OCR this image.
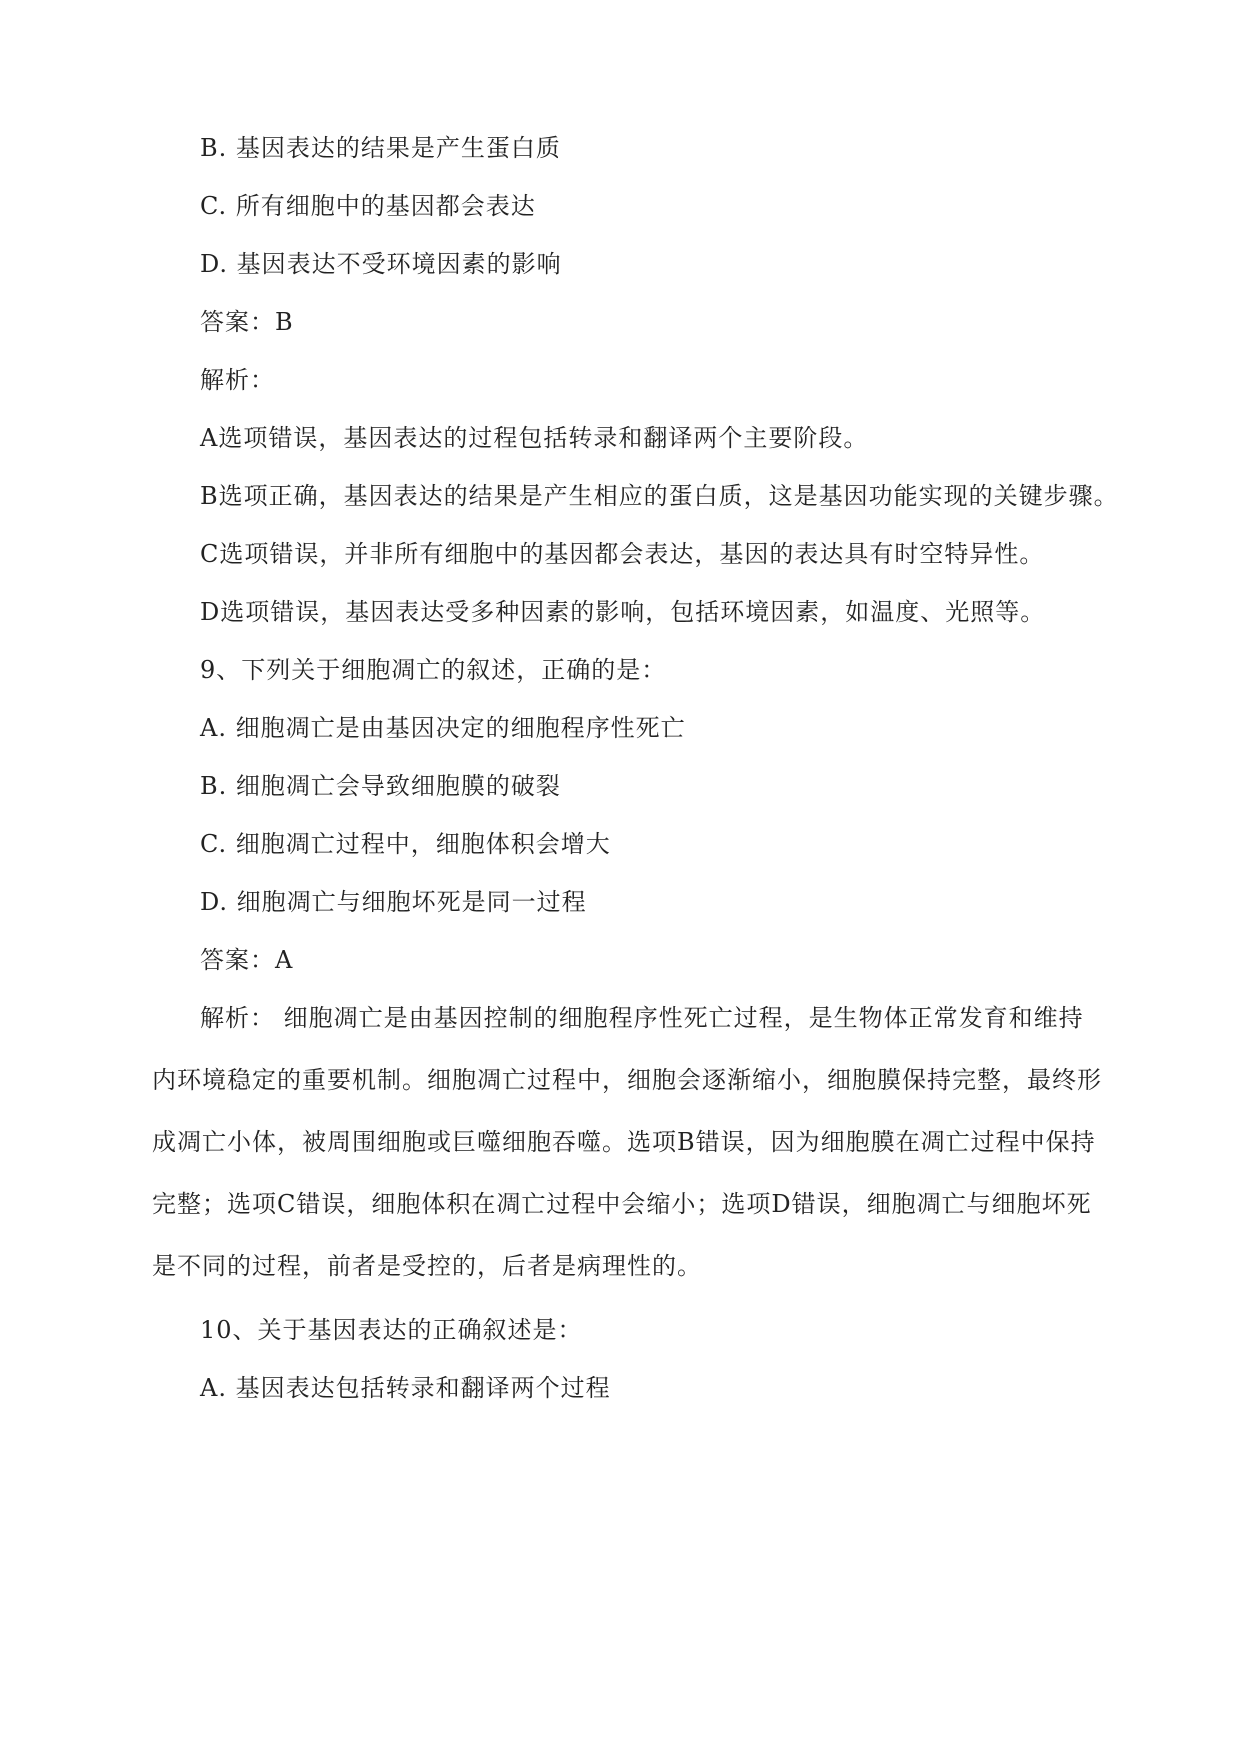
B. 基因表达的结果是产生蛋白质
C. 所有细胞中的基因都会表达
D. 基因表达不受环境因素的影响
答案：B
解析：
A选项错误，基因表达的过程包括转录和翻译两个主要阶段。
B选项正确，基因表达的结果是产生相应的蛋白质，这是基因功能实现的关键步骤。
C选项错误，并非所有细胞中的基因都会表达，基因的表达具有时空特异性。
D选项错误，基因表达受多种因素的影响，包括环境因素，如温度、光照等。
9、下列关于细胞凋亡的叙述，正确的是：
A. 细胞凋亡是由基因决定的细胞程序性死亡
B. 细胞凋亡会导致细胞膜的破裂
C. 细胞凋亡过程中，细胞体积会增大
D. 细胞凋亡与细胞坏死是同一过程
答案：A
解析： 细胞凋亡是由基因控制的细胞程序性死亡过程，是生物体正常发育和维持
内环境稳定的重要机制。细胞凋亡过程中，细胞会逐渐缩小，细胞膜保持完整，最终形
成凋亡小体，被周围细胞或巨噬细胞吞噬。选项B错误，因为细胞膜在凋亡过程中保持
完整；选项C错误，细胞体积在凋亡过程中会缩小；选项D错误，细胞凋亡与细胞坏死
是不同的过程，前者是受控的，后者是病理性的。
10、关于基因表达的正确叙述是：
A. 基因表达包括转录和翻译两个过程
